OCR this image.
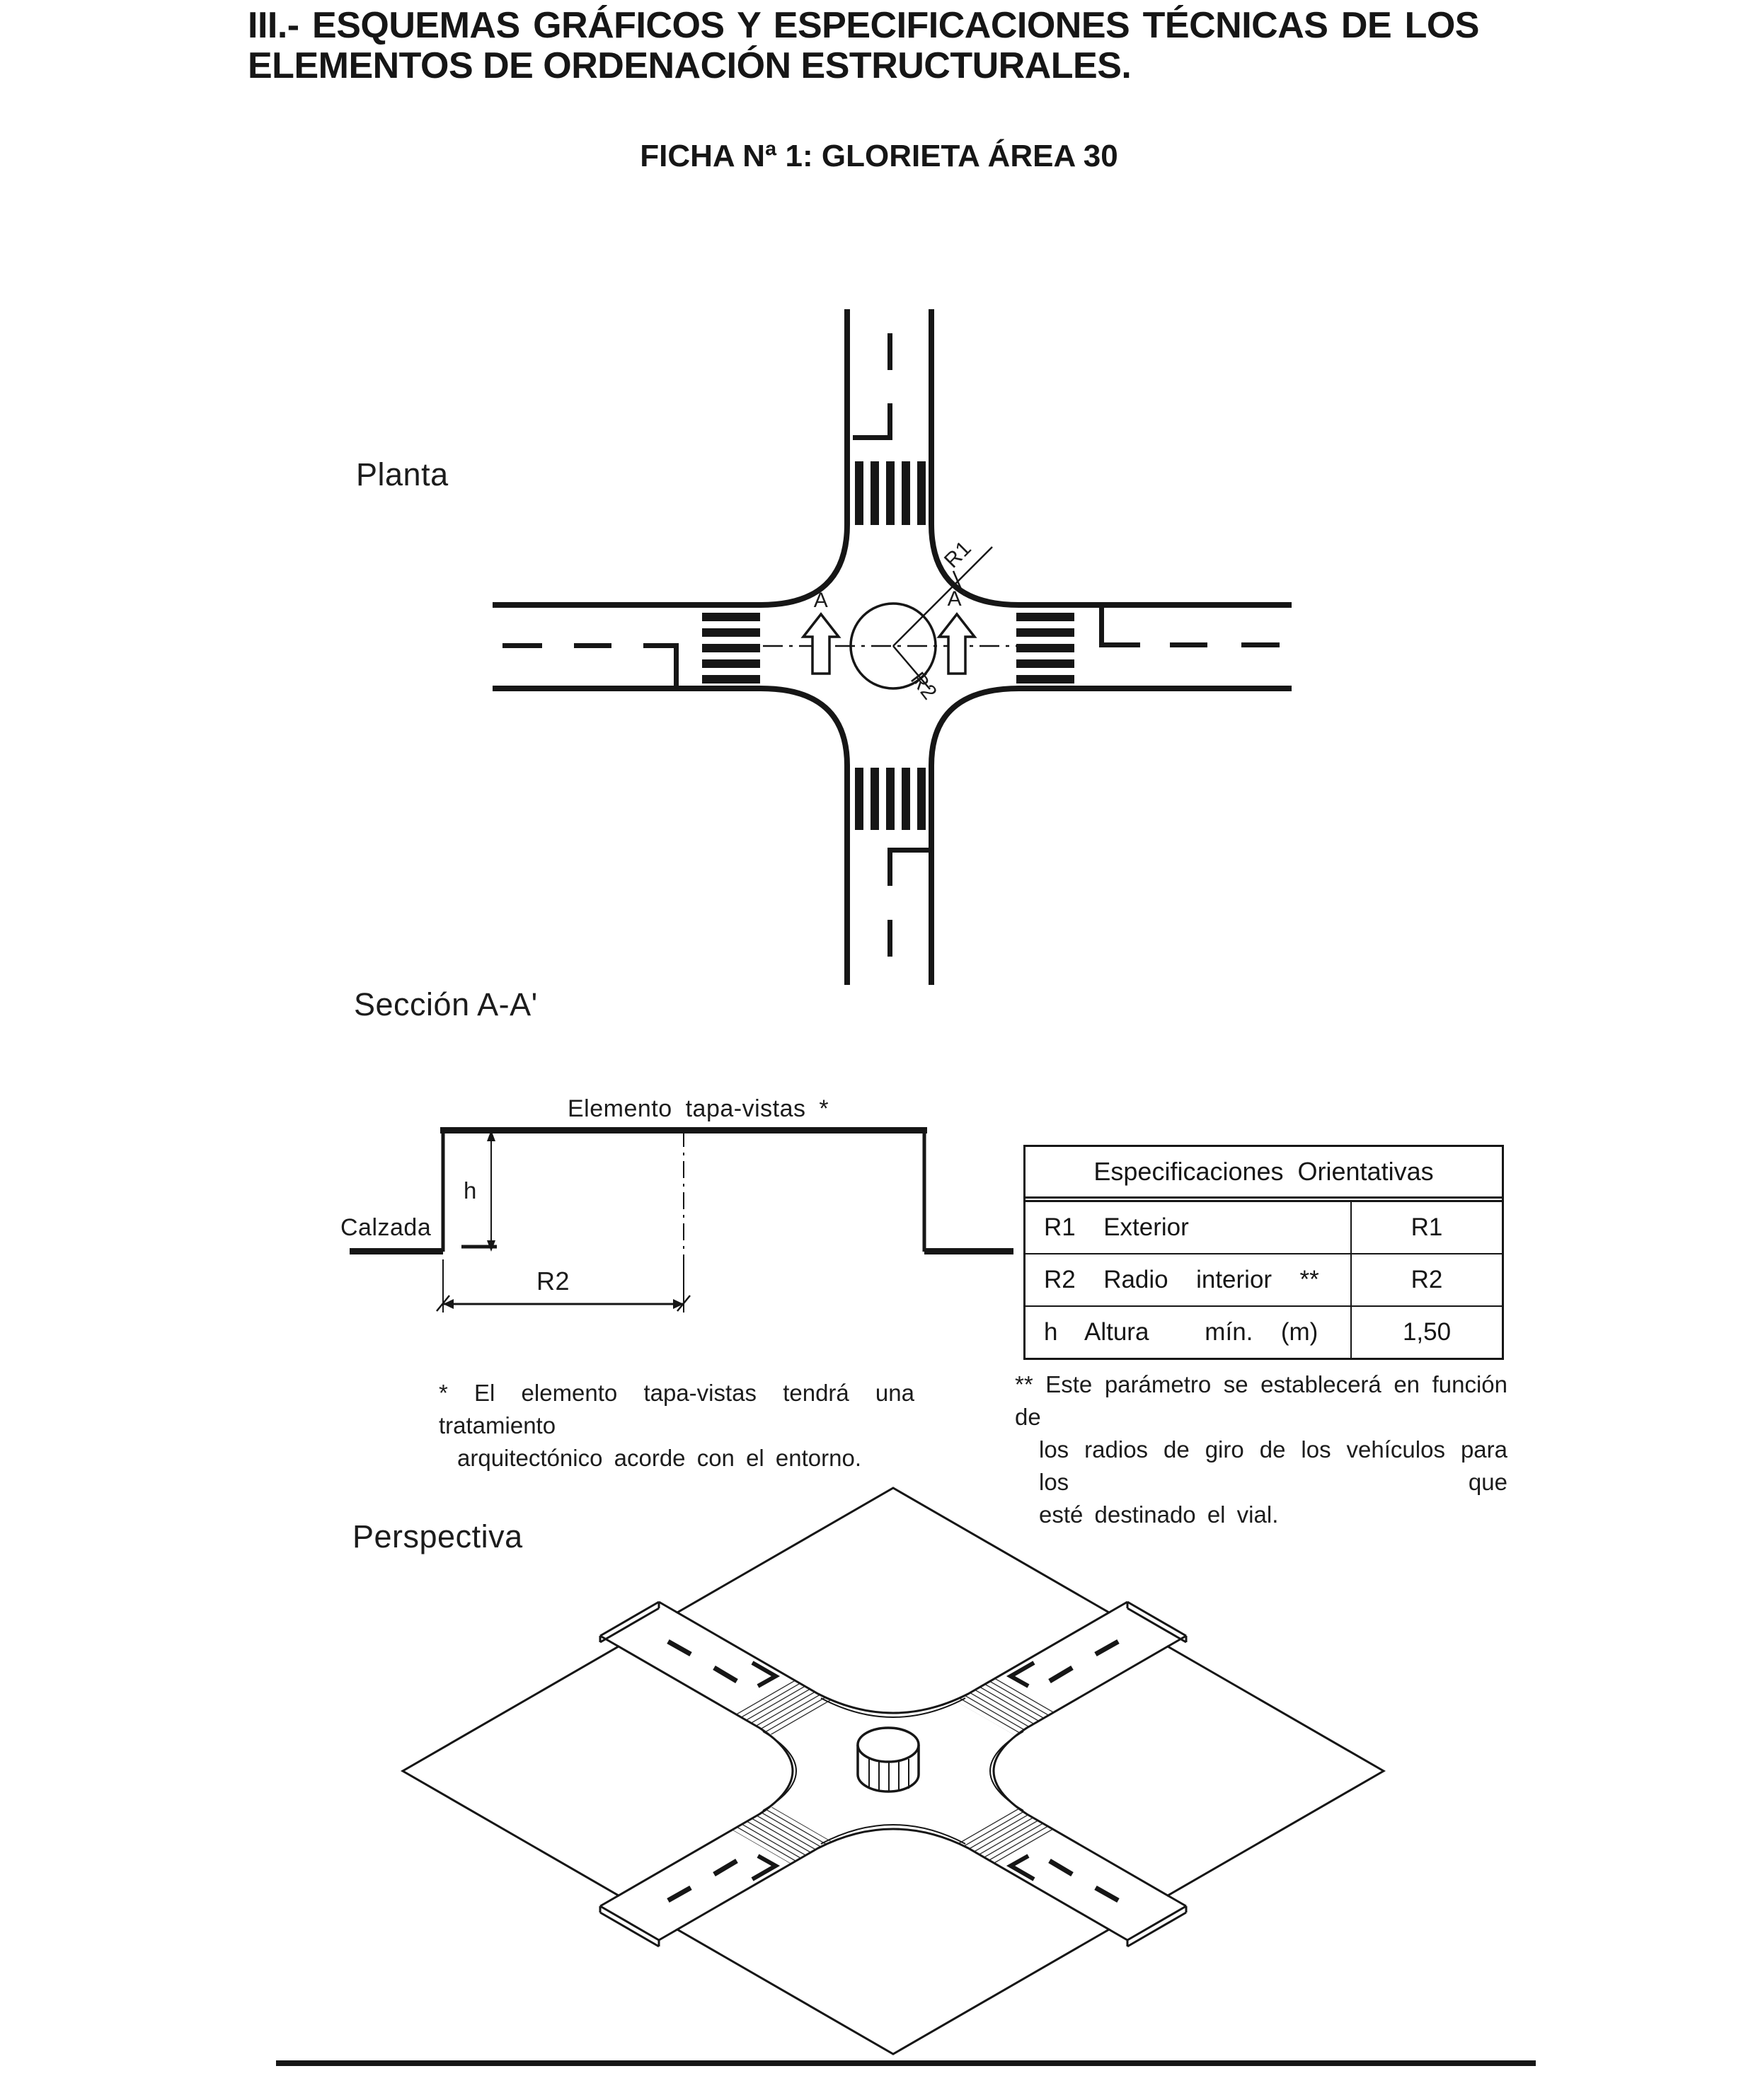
III.- ESQUEMAS GRÁFICOS Y ESPECIFICACIONES TÉCNICAS DE LOS
ELEMENTOS DE ORDENACIÓN ESTRUCTURALES.
FICHA Nª 1: GLORIETA ÁREA 30
Planta
A	A'
R1
R2
Sección A-A'
Elemento tapa-vistas *
Calzada
h
R2
* El elemento tapa-vistas tendrá una tratamiento
arquitectónico acorde con el entorno.
Especificaciones Orientativas
R1  Exterior	R1
R2  Radio  interior  **	R2
h  Altura    mín.  (m)	1,50
** Este parámetro se establecerá en función de
los radios de giro de los vehículos para los que
esté destinado el vial.
Perspectiva
